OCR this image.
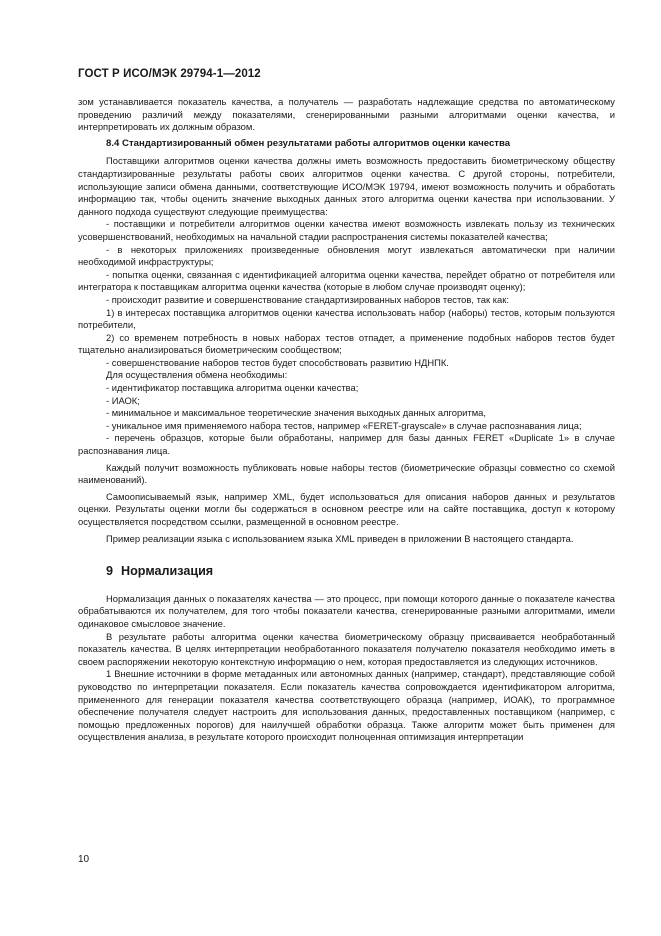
ГОСТ Р ИСО/МЭК 29794-1—2012

зом устанавливается показатель качества, а получатель — разработать надлежащие средства по автоматическому проведению различий между показателями, сгенерированными разными алгоритмами оценки качества, и интерпретировать их должным образом.

8.4 Стандартизированный обмен результатами работы алгоритмов оценки качества

Поставщики алгоритмов оценки качества должны иметь возможность предоставить биометрическому обществу стандартизированные результаты работы своих алгоритмов оценки качества. С другой стороны, потребители, использующие записи обмена данными, соответствующие ИСО/МЭК 19794, имеют возможность получить и обработать информацию так, чтобы оценить значение выходных данных этого алгоритма оценки качества при использовании. У данного подхода существуют следующие преимущества:

- поставщики и потребители алгоритмов оценки качества имеют возможность извлекать пользу из технических усовершенствований, необходимых на начальной стадии распространения системы показателей качества;

- в некоторых приложениях произведенные обновления могут извлекаться автоматически при наличии необходимой инфраструктуры;

- попытка оценки, связанная с идентификацией алгоритма оценки качества, перейдет обратно от потребителя или интегратора к поставщикам алгоритма оценки качества (которые в любом случае производят оценку);

- происходит развитие и совершенствование стандартизированных наборов тестов, так как:

1) в интересах поставщика алгоритмов оценки качества использовать набор (наборы) тестов, которым пользуются потребители,

2) со временем потребность в новых наборах тестов отпадет, а применение подобных наборов тестов будет тщательно анализироваться биометрическим сообществом;

- совершенствование наборов тестов будет способствовать развитию НДНПК.

Для осуществления обмена необходимы:

- идентификатор поставщика алгоритма оценки качества;

- ИАОК;

- минимальное и максимальное теоретические значения выходных данных алгоритма,

- уникальное имя применяемого набора тестов, например «FERET-grayscale» в случае распознавания лица;

- перечень образцов, которые были обработаны, например для базы данных FERET «Duplicate 1» в случае распознавания лица.

Каждый получит возможность публиковать новые наборы тестов (биометрические образцы совместно со схемой наименований).

Самоописываемый язык, например XML, будет использоваться для описания наборов данных и результатов оценки. Результаты оценки могли бы содержаться в основном реестре или на сайте поставщика, доступ к которому осуществляется посредством ссылки, размещенной в основном реестре.

Пример реализации языка с использованием языка XML приведен в приложении В настоящего стандарта.

9 Нормализация

Нормализация данных о показателях качества — это процесс, при помощи которого данные о показателе качества обрабатываются их получателем, для того чтобы показатели качества, сгенерированные разными алгоритмами, имели одинаковое смысловое значение.

В результате работы алгоритма оценки качества биометрическому образцу присваивается необработанный показатель качества. В целях интерпретации необработанного показателя получателю показателя необходимо иметь в своем распоряжении некоторую контекстную информацию о нем, которая предоставляется из следующих источников.

1 Внешние источники в форме метаданных или автономных данных (например, стандарт), представляющие собой руководство по интерпретации показателя. Если показатель качества сопровождается идентификатором алгоритма, примененного для генерации показателя качества соответствующего образца (например, ИОАК), то программное обеспечение получателя следует настроить для использования данных, предоставленных поставщиком (например, с помощью предложенных порогов) для наилучшей обработки образца. Также алгоритм может быть применен для осуществления анализа, в результате которого происходит полноценная оптимизация интерпретации

10
